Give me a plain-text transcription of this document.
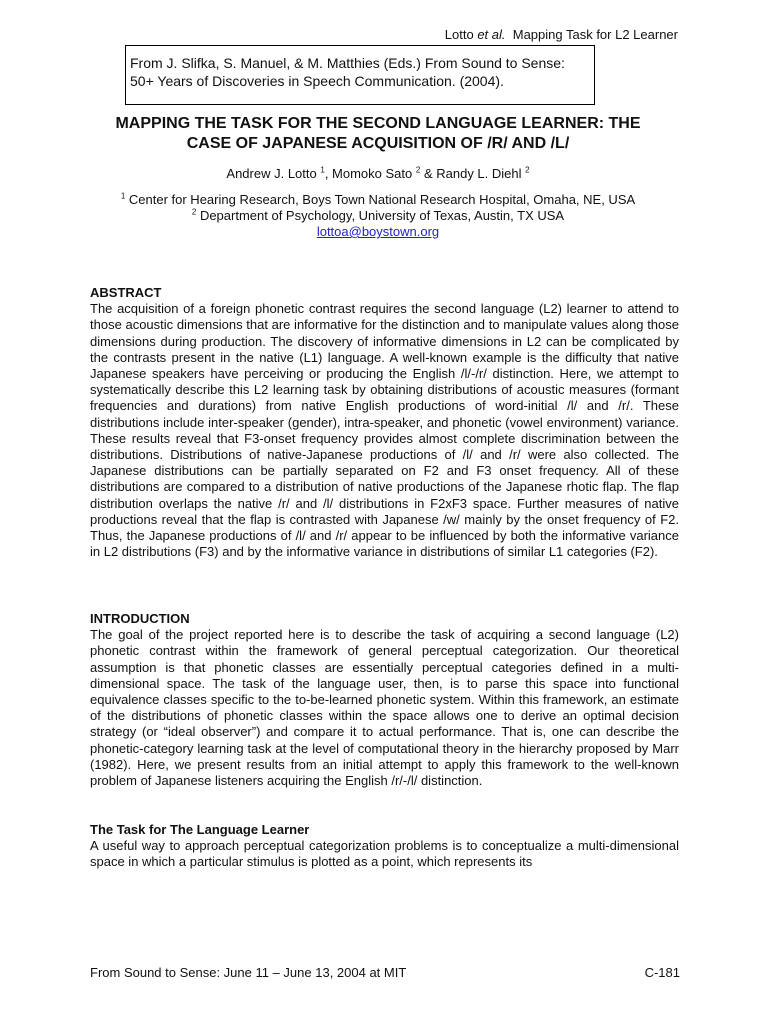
Lotto et al.  Mapping Task for L2 Learner
From J. Slifka, S. Manuel, & M. Matthies (Eds.) From Sound to Sense: 50+ Years of Discoveries in Speech Communication. (2004).
MAPPING THE TASK FOR THE SECOND LANGUAGE LEARNER: THE
CASE OF JAPANESE ACQUISITION OF /R/ AND /L/
Andrew J. Lotto $^1$, Momoko Sato $^2$ & Randy L. Diehl $^2$
$^1$ Center for Hearing Research, Boys Town National Research Hospital, Omaha, NE, USA
$^2$ Department of Psychology, University of Texas, Austin, TX USA
lottoa@boystown.org
ABSTRACT
The acquisition of a foreign phonetic contrast requires the second language (L2) learner to attend to those acoustic dimensions that are informative for the distinction and to manipulate values along those dimensions during production. The discovery of informative dimensions in L2 can be complicated by the contrasts present in the native (L1) language. A well-known example is the difficulty that native Japanese speakers have perceiving or producing the English /l/-/r/ distinction. Here, we attempt to systematically describe this L2 learning task by obtaining distributions of acoustic measures (formant frequencies and durations) from native English productions of word-initial /l/ and /r/. These distributions include inter-speaker (gender), intra-speaker, and phonetic (vowel environment) variance. These results reveal that F3-onset frequency provides almost complete discrimination between the distributions. Distributions of native-Japanese productions of /l/ and /r/ were also collected. The Japanese distributions can be partially separated on F2 and F3 onset frequency. All of these distributions are compared to a distribution of native productions of the Japanese rhotic flap. The flap distribution overlaps the native /r/ and /l/ distributions in F2xF3 space. Further measures of native productions reveal that the flap is contrasted with Japanese /w/ mainly by the onset frequency of F2. Thus, the Japanese productions of /l/ and /r/ appear to be influenced by both the informative variance in L2 distributions (F3) and by the informative variance in distributions of similar L1 categories (F2).
INTRODUCTION
The goal of the project reported here is to describe the task of acquiring a second language (L2) phonetic contrast within the framework of general perceptual categorization. Our theoretical assumption is that phonetic classes are essentially perceptual categories defined in a multi-dimensional space. The task of the language user, then, is to parse this space into functional equivalence classes specific to the to-be-learned phonetic system. Within this framework, an estimate of the distributions of phonetic classes within the space allows one to derive an optimal decision strategy (or “ideal observer”) and compare it to actual performance. That is, one can describe the phonetic-category learning task at the level of computational theory in the hierarchy proposed by Marr (1982). Here, we present results from an initial attempt to apply this framework to the well-known problem of Japanese listeners acquiring the English /r/-/l/ distinction.
The Task for The Language Learner
A useful way to approach perceptual categorization problems is to conceptualize a multi-dimensional space in which a particular stimulus is plotted as a point, which represents its
From Sound to Sense: June 11 – June 13, 2004 at MIT	C-181
